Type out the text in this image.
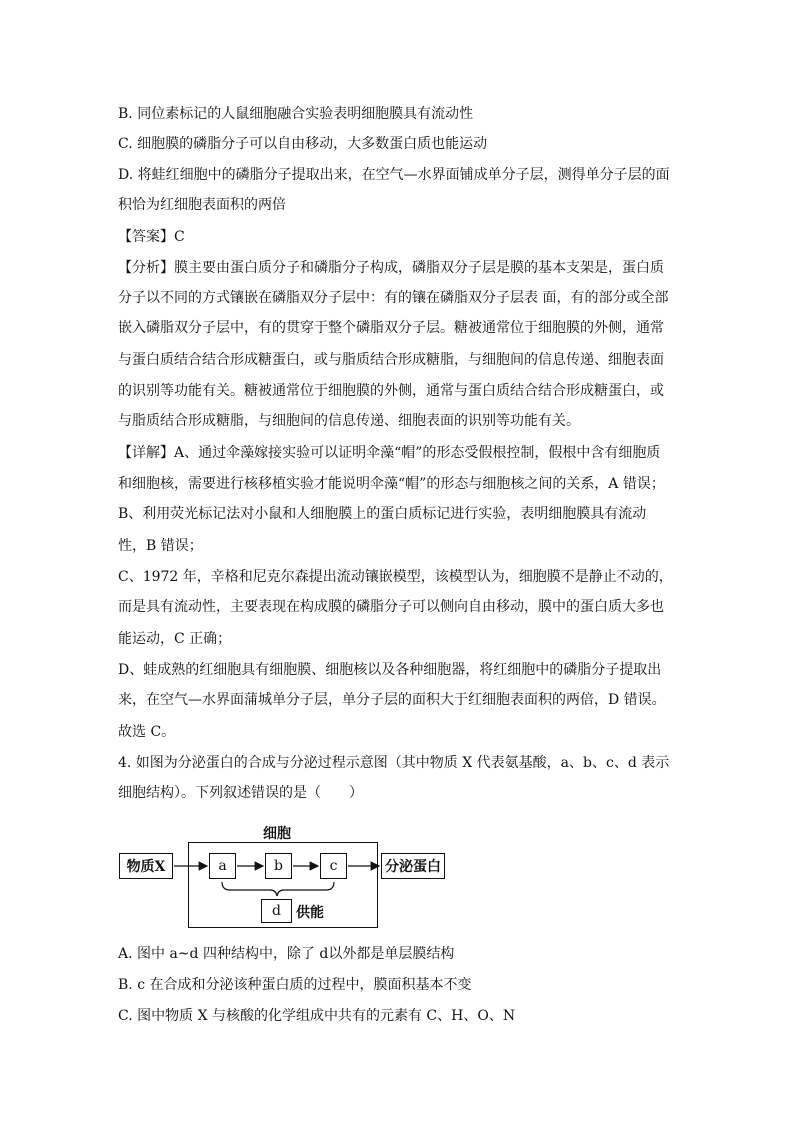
B. 同位素标记的人鼠细胞融合实验表明细胞膜具有流动性
C. 细胞膜的磷脂分子可以自由移动，大多数蛋白质也能运动
D. 将蛙红细胞中的磷脂分子提取出来，在空气—水界面铺成单分子层，测得单分子层的面
积恰为红细胞表面积的两倍
【答案】C
【分析】膜主要由蛋白质分子和磷脂分子构成，磷脂双分子层是膜的基本支架是，蛋白质
分子以不同的方式镶嵌在磷脂双分子层中：有的镶在磷脂双分子层表 面，有的部分或全部
嵌入磷脂双分子层中，有的贯穿于整个磷脂双分子层。糖被通常位于细胞膜的外侧，通常
与蛋白质结合结合形成糖蛋白，或与脂质结合形成糖脂，与细胞间的信息传递、细胞表面
的识别等功能有关。糖被通常位于细胞膜的外侧，通常与蛋白质结合结合形成糖蛋白，或
与脂质结合形成糖脂，与细胞间的信息传递、细胞表面的识别等功能有关。
【详解】A、通过伞藻嫁接实验可以证明伞藻“帽”的形态受假根控制，假根中含有细胞质
和细胞核，需要进行核移植实验才能说明伞藻“帽”的形态与细胞核之间的关系，A 错误；
B、利用荧光标记法对小鼠和人细胞膜上的蛋白质标记进行实验，表明细胞膜具有流动
性，B 错误；
C、1972 年，辛格和尼克尔森提出流动镶嵌模型，该模型认为，细胞膜不是静止不动的，
而是具有流动性，主要表现在构成膜的磷脂分子可以侧向自由移动，膜中的蛋白质大多也
能运动，C 正确；
D、蛙成熟的红细胞具有细胞膜、细胞核以及各种细胞器，将红细胞中的磷脂分子提取出
来，在空气—水界面蒲城单分子层，单分子层的面积大于红细胞表面积的两倍，D 错误。
故选 C。
4. 如图为分泌蛋白的合成与分泌过程示意图（其中物质 X 代表氨基酸，a、b、c、d 表示
细胞结构）。下列叙述错误的是（　　）
细胞
物质X	a	b	c	分泌蛋白
d	供能
A. 图中 a~d 四种结构中，除了 d以外都是单层膜结构
B. c 在合成和分泌该种蛋白质的过程中，膜面积基本不变
C. 图中物质 X 与核酸的化学组成中共有的元素有 C、H、O、N
